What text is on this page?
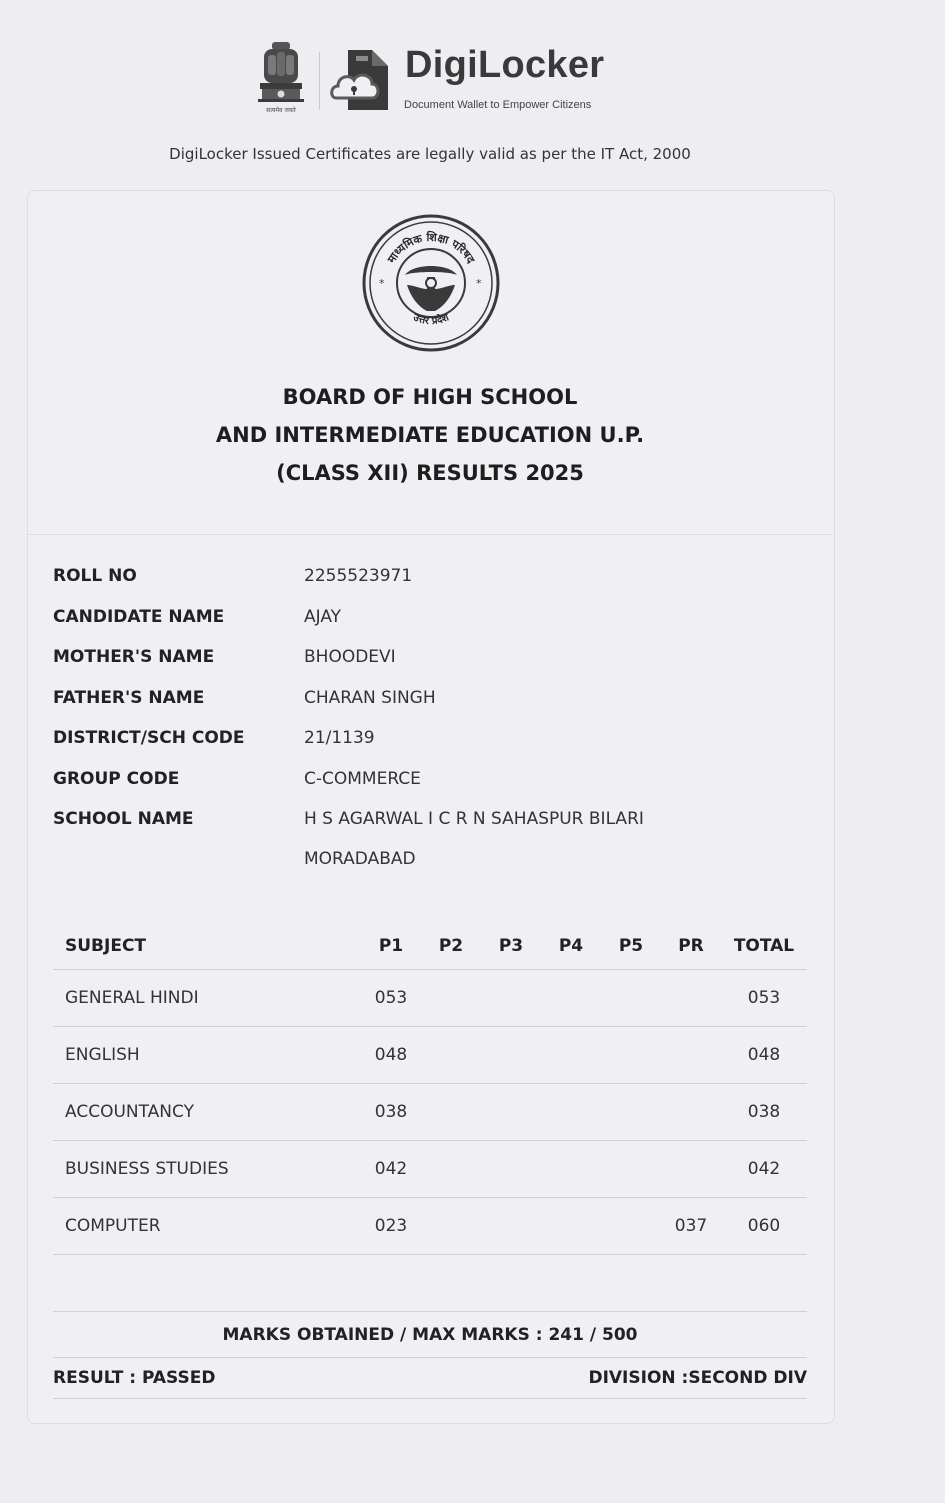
सत्यमेव जयते
DigiLocker
Document Wallet to Empower Citizens
DigiLocker Issued Certificates are legally valid as per the IT Act, 2000
*	*
माध्यमिक शिक्षा परिषद
उत्तर प्रदेश
BOARD OF HIGH SCHOOL
AND INTERMEDIATE EDUCATION U.P.
(CLASS XII) RESULTS 2025
ROLL NO	2255523971
CANDIDATE NAME	AJAY
MOTHER'S NAME	BHOODEVI
FATHER'S NAME	CHARAN SINGH
DISTRICT/SCH CODE	21/1139
GROUP CODE	C-COMMERCE
SCHOOL NAME	H S AGARWAL I C R N SAHASPUR BILARI MORADABAD
SUBJECT	P1	P2	P3	P4	P5	PR	TOTAL
GENERAL HINDI	053						053
ENGLISH	048						048
ACCOUNTANCY	038						038
BUSINESS STUDIES	042						042
COMPUTER	023					037	060
MARKS OBTAINED / MAX MARKS : 241 / 500
RESULT : PASSED	DIVISION :SECOND DIV
